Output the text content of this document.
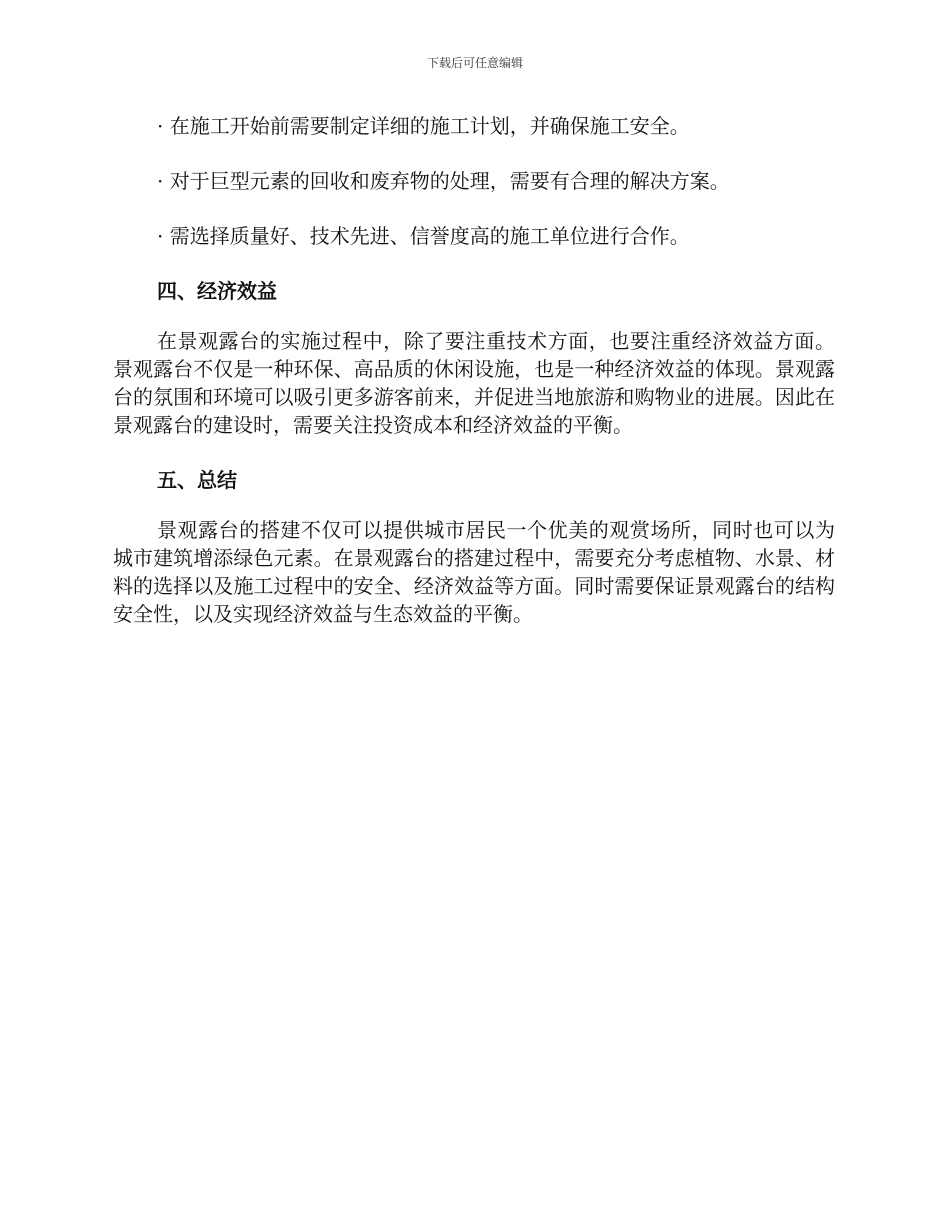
下载后可任意编辑
· 在施工开始前需要制定详细的施工计划，并确保施工安全。
· 对于巨型元素的回收和废弃物的处理，需要有合理的解决方案。
· 需选择质量好、技术先进、信誉度高的施工单位进行合作。
四、经济效益
在景观露台的实施过程中，除了要注重技术方面，也要注重经济效益方面。景观露台不仅是一种环保、高品质的休闲设施，也是一种经济效益的体现。景观露台的氛围和环境可以吸引更多游客前来，并促进当地旅游和购物业的进展。因此在景观露台的建设时，需要关注投资成本和经济效益的平衡。
五、总结
景观露台的搭建不仅可以提供城市居民一个优美的观赏场所，同时也可以为城市建筑增添绿色元素。在景观露台的搭建过程中，需要充分考虑植物、水景、材料的选择以及施工过程中的安全、经济效益等方面。同时需要保证景观露台的结构安全性，以及实现经济效益与生态效益的平衡。
